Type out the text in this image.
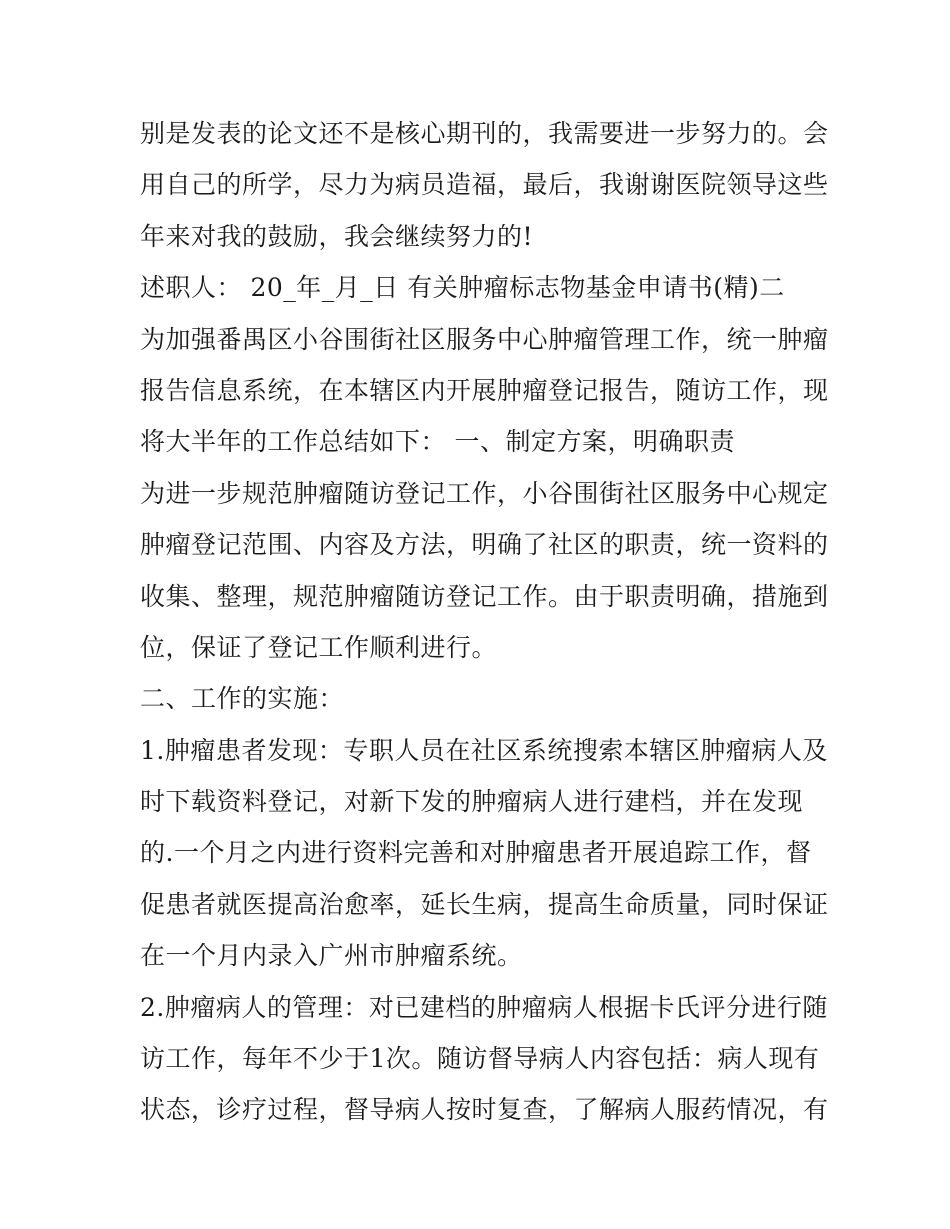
别是发表的论文还不是核心期刊的，我需要进一步努力的。会
用自己的所学，尽力为病员造福，最后，我谢谢医院领导这些
年来对我的鼓励，我会继续努力的!
述职人： 20_年_月_日 有关肿瘤标志物基金申请书(精)二
为加强番禺区小谷围街社区服务中心肿瘤管理工作，统一肿瘤
报告信息系统，在本辖区内开展肿瘤登记报告，随访工作，现
将大半年的工作总结如下： 一、制定方案，明确职责
为进一步规范肿瘤随访登记工作，小谷围街社区服务中心规定
肿瘤登记范围、内容及方法，明确了社区的职责，统一资料的
收集、整理，规范肿瘤随访登记工作。由于职责明确，措施到
位，保证了登记工作顺利进行。
二、工作的实施：
1.肿瘤患者发现：专职人员在社区系统搜索本辖区肿瘤病人及
时下载资料登记，对新下发的肿瘤病人进行建档，并在发现
的.一个月之内进行资料完善和对肿瘤患者开展追踪工作，督
促患者就医提高治愈率，延长生病，提高生命质量，同时保证
在一个月内录入广州市肿瘤系统。
2.肿瘤病人的管理：对已建档的肿瘤病人根据卡氏评分进行随
访工作，每年不少于1次。随访督导病人内容包括：病人现有
状态，诊疗过程，督导病人按时复查，了解病人服药情况，有
